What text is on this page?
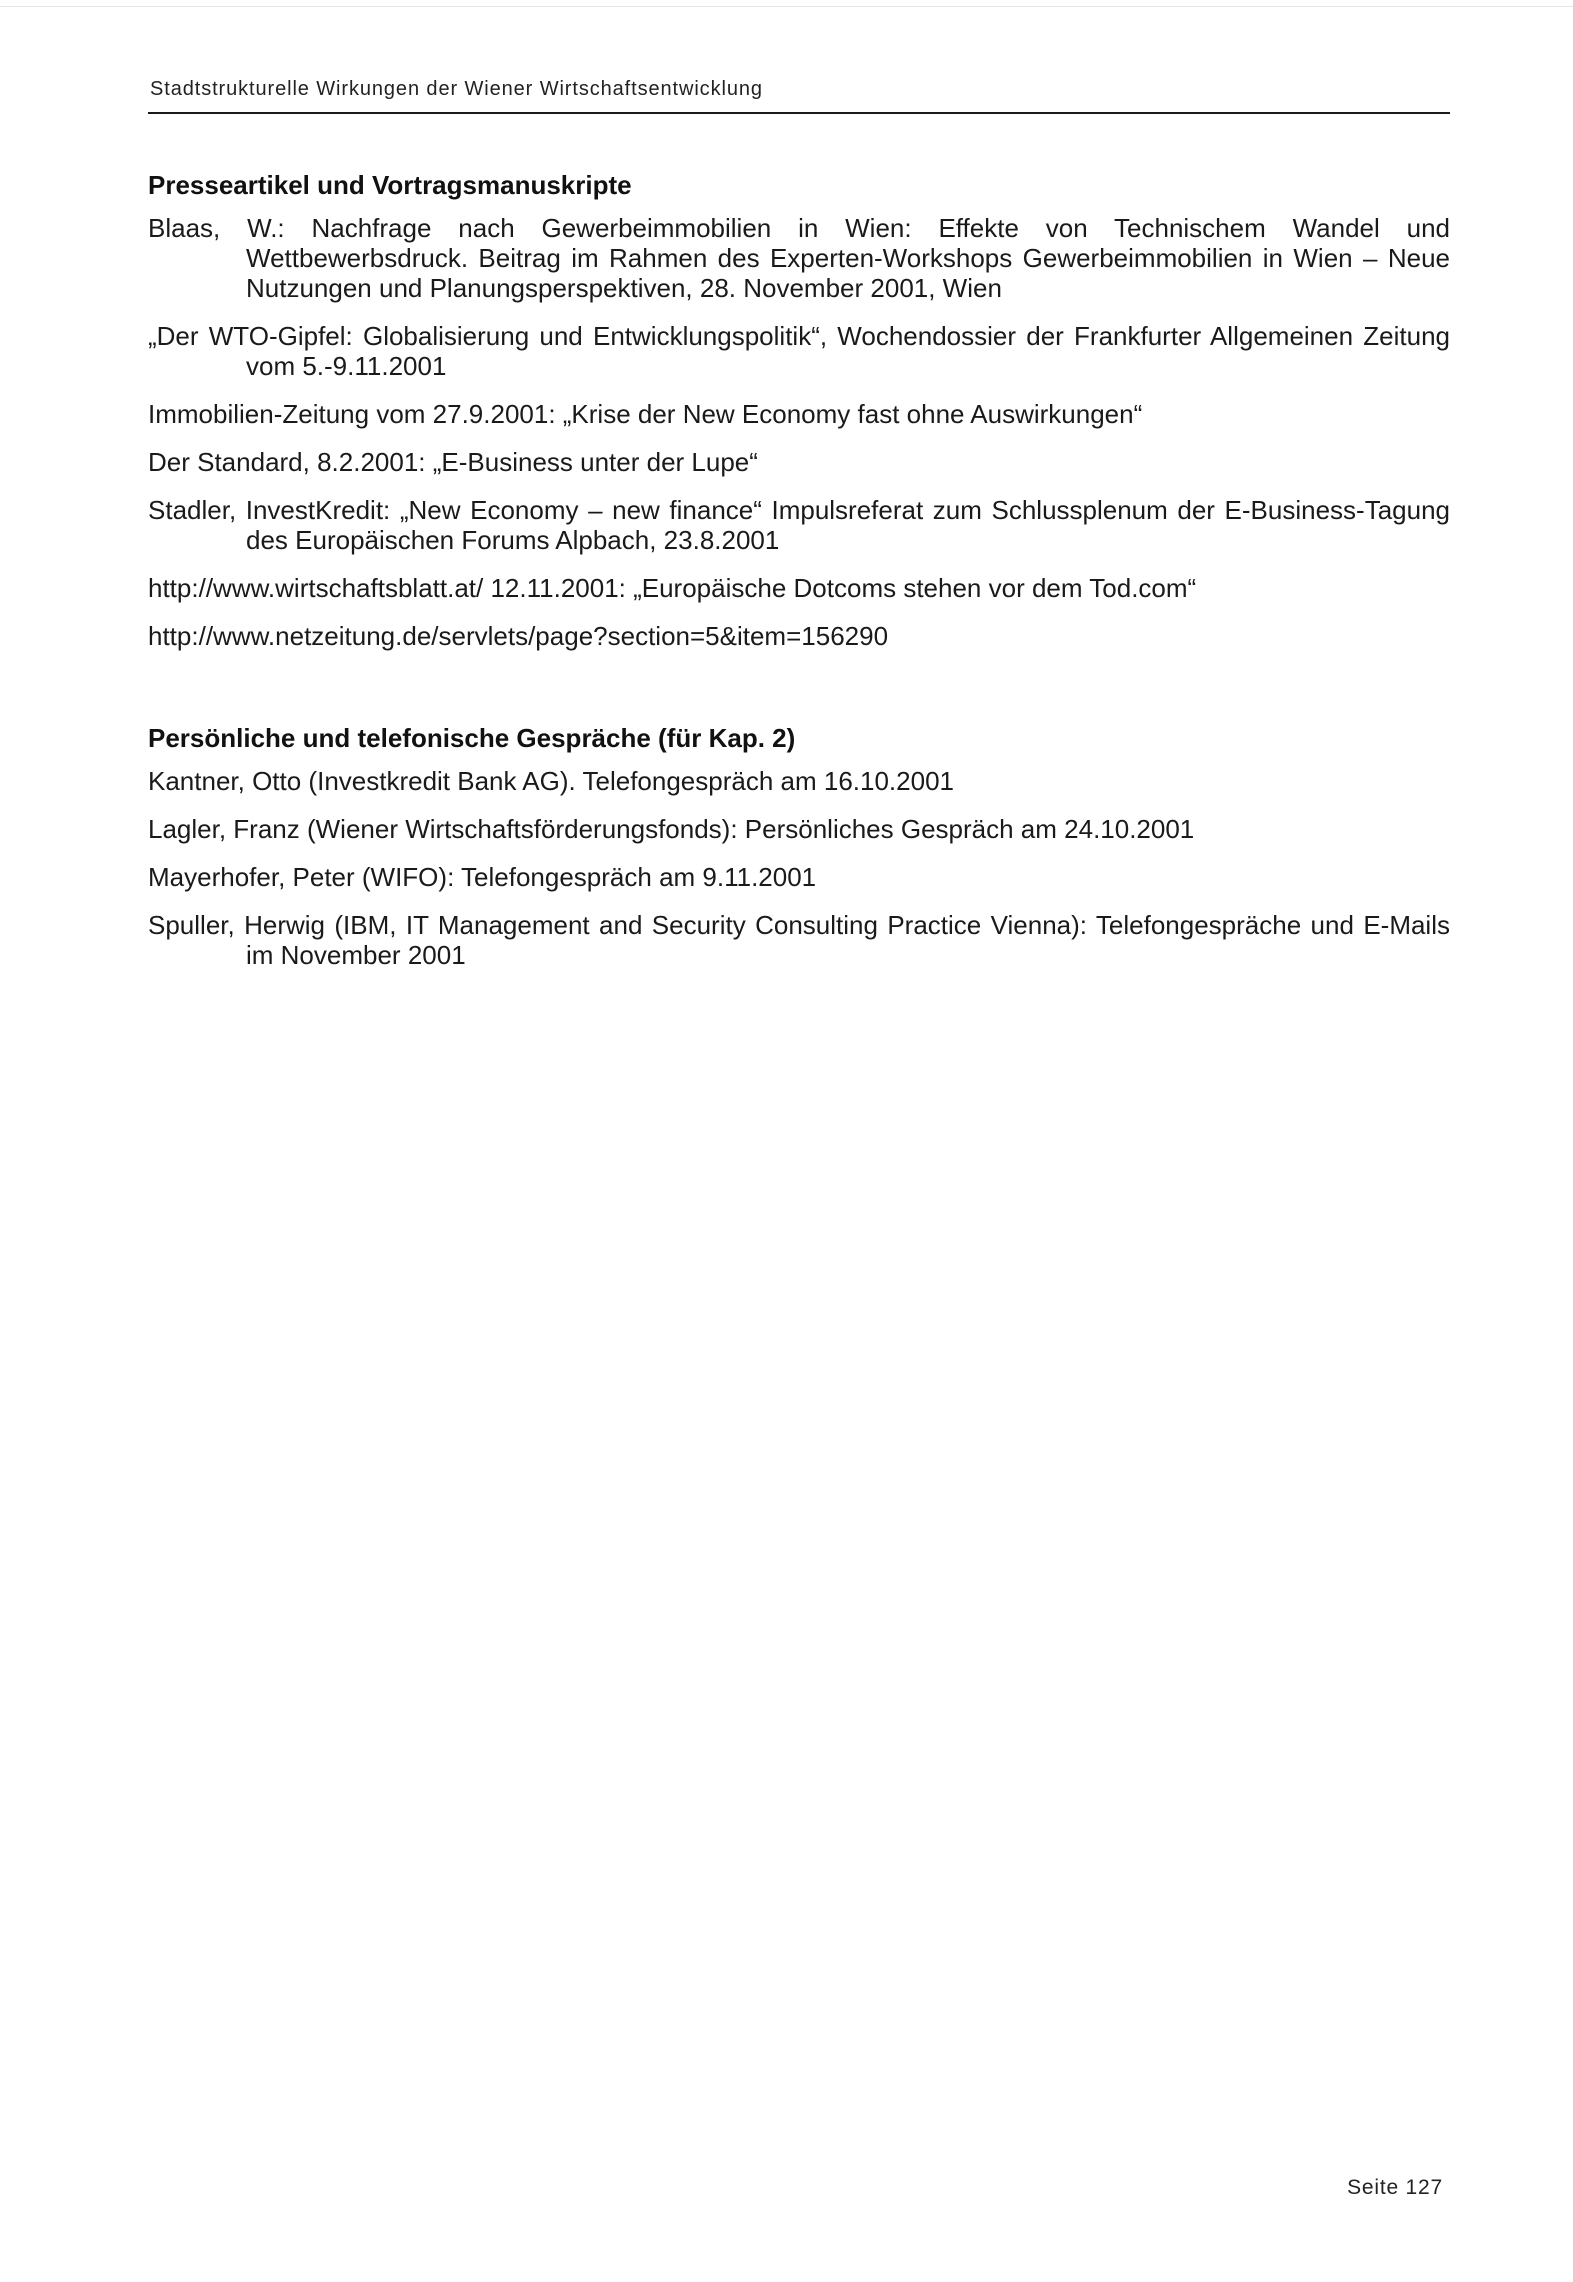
Stadtstrukturelle Wirkungen der Wiener Wirtschaftsentwicklung
Presseartikel und Vortragsmanuskripte

Blaas, W.: Nachfrage nach Gewerbeimmobilien in Wien: Effekte von Technischem Wandel und Wettbewerbsdruck. Beitrag im Rahmen des Experten-Workshops Gewerbeimmobilien in Wien – Neue Nutzungen und Planungsperspektiven, 28. November 2001, Wien

„Der WTO-Gipfel: Globalisierung und Entwicklungspolitik“, Wochendossier der Frankfurter Allgemeinen Zeitung vom 5.-9.11.2001

Immobilien-Zeitung vom 27.9.2001: „Krise der New Economy fast ohne Auswirkungen“

Der Standard, 8.2.2001: „E-Business unter der Lupe“

Stadler, InvestKredit: „New Economy – new finance“ Impulsreferat zum Schlussplenum der E-Business-Tagung des Europäischen Forums Alpbach, 23.8.2001

http://www.wirtschaftsblatt.at/ 12.11.2001: „Europäische Dotcoms stehen vor dem Tod.com“

http://www.netzeitung.de/servlets/page?section=5&item=156290

Persönliche und telefonische Gespräche (für Kap. 2)

Kantner, Otto (Investkredit Bank AG). Telefongespräch am 16.10.2001

Lagler, Franz (Wiener Wirtschaftsförderungsfonds): Persönliches Gespräch am 24.10.2001

Mayerhofer, Peter (WIFO): Telefongespräch am 9.11.2001

Spuller, Herwig (IBM, IT Management and Security Consulting Practice Vienna): Telefongespräche und E-Mails im November 2001

Seite 127
